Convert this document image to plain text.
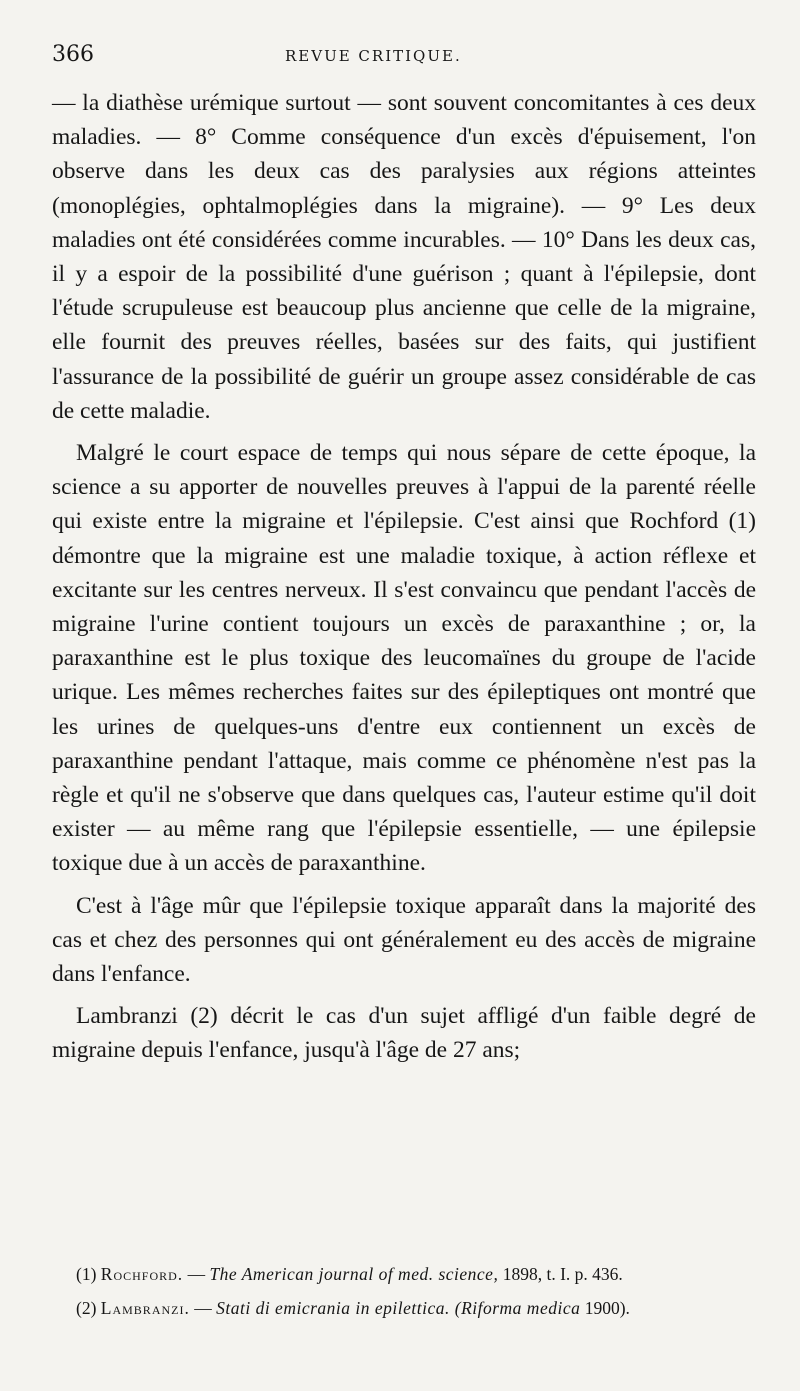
366	REVUE CRITIQUE.

— la diathèse urémique surtout — sont souvent concomitantes à ces deux maladies. — 8° Comme conséquence d'un excès d'épuisement, l'on observe dans les deux cas des paralysies aux régions atteintes (monoplégies, ophtalmoplégies dans la migraine). — 9° Les deux maladies ont été considérées comme incurables. — 10° Dans les deux cas, il y a espoir de la possibilité d'une guérison ; quant à l'épilepsie, dont l'étude scrupuleuse est beaucoup plus ancienne que celle de la migraine, elle fournit des preuves réelles, basées sur des faits, qui justifient l'assurance de la possibilité de guérir un groupe assez considérable de cas de cette maladie.

Malgré le court espace de temps qui nous sépare de cette époque, la science a su apporter de nouvelles preuves à l'appui de la parenté réelle qui existe entre la migraine et l'épilepsie. C'est ainsi que Rochford (1) démontre que la migraine est une maladie toxique, à action réflexe et excitante sur les centres nerveux. Il s'est convaincu que pendant l'accès de migraine l'urine contient toujours un excès de paraxanthine ; or, la paraxanthine est le plus toxique des leucomaïnes du groupe de l'acide urique. Les mêmes recherches faites sur des épileptiques ont montré que les urines de quelques-uns d'entre eux contiennent un excès de paraxanthine pendant l'attaque, mais comme ce phénomène n'est pas la règle et qu'il ne s'observe que dans quelques cas, l'auteur estime qu'il doit exister — au même rang que l'épilepsie essentielle, — une épilepsie toxique due à un accès de paraxanthine.

C'est à l'âge mûr que l'épilepsie toxique apparaît dans la majorité des cas et chez des personnes qui ont généralement eu des accès de migraine dans l'enfance.

Lambranzi (2) décrit le cas d'un sujet affligé d'un faible degré de migraine depuis l'enfance, jusqu'à l'âge de 27 ans;

(1) Rochford. — The American journal of med. science, 1898, t. I. p. 436.

(2) Lambranzi. — Stati di emicrania in epilettica. (Riforma medica 1900).
